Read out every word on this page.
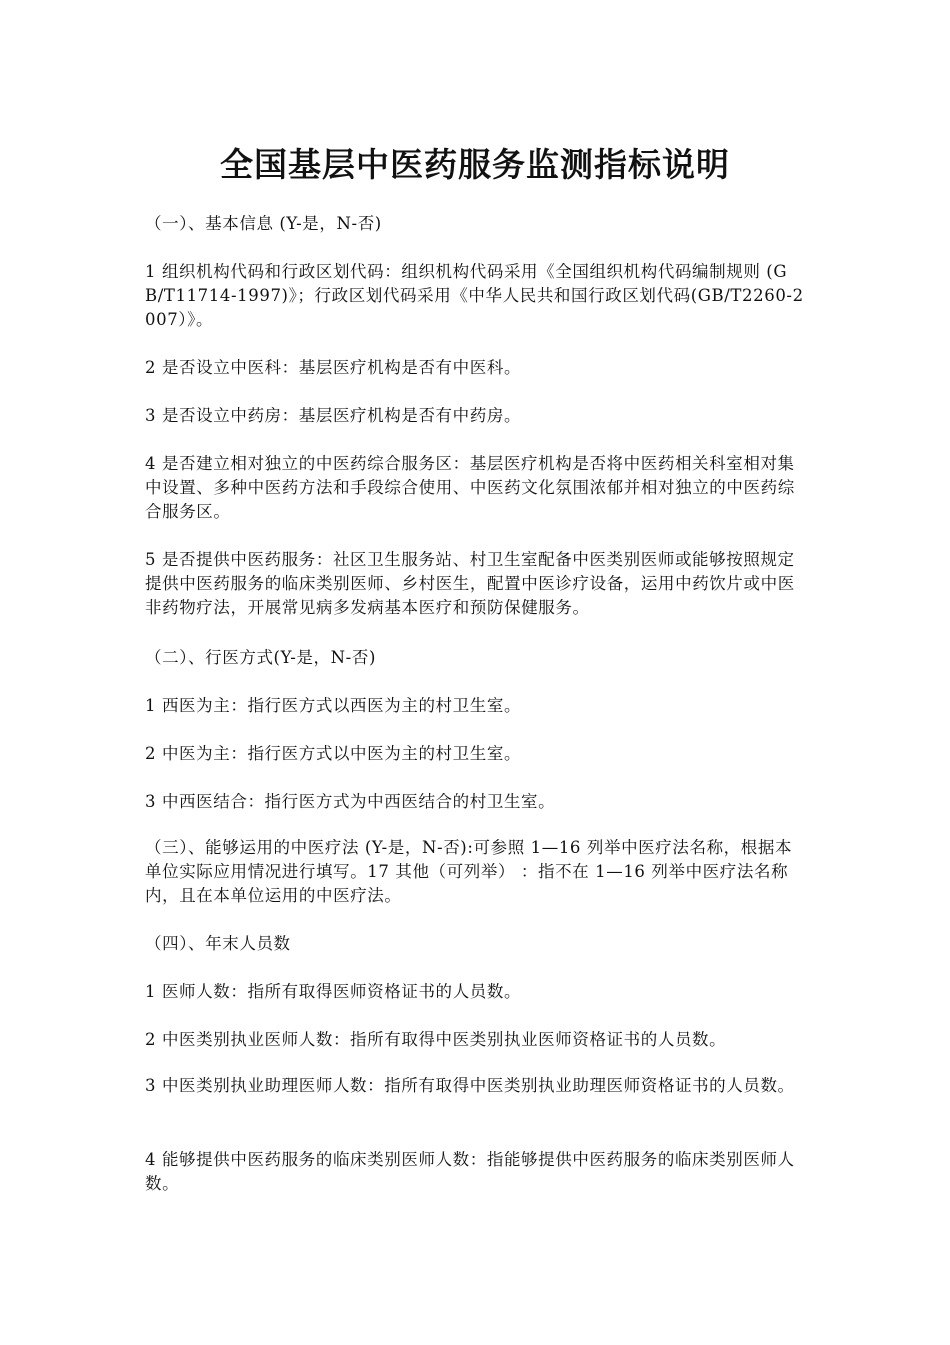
全国基层中医药服务监测指标说明

（一）、基本信息 (Y-是，N-否)

1 组织机构代码和行政区划代码：组织机构代码采用《全国组织机构代码编制规则 (GB/T11714-1997)》；行政区划代码采用《中华人民共和国行政区划代码(GB/T2260-2007）》。

2 是否设立中医科：基层医疗机构是否有中医科。

3 是否设立中药房：基层医疗机构是否有中药房。

4 是否建立相对独立的中医药综合服务区：基层医疗机构是否将中医药相关科室相对集中设置、多种中医药方法和手段综合使用、中医药文化氛围浓郁并相对独立的中医药综合服务区。

5 是否提供中医药服务：社区卫生服务站、村卫生室配备中医类别医师或能够按照规定提供中医药服务的临床类别医师、乡村医生，配置中医诊疗设备，运用中药饮片或中医非药物疗法，开展常见病多发病基本医疗和预防保健服务。

（二）、行医方式(Y-是，N-否)

1 西医为主：指行医方式以西医为主的村卫生室。

2 中医为主：指行医方式以中医为主的村卫生室。

3 中西医结合：指行医方式为中西医结合的村卫生室。

（三）、能够运用的中医疗法 (Y-是，N-否):可参照 1—16 列举中医疗法名称，根据本单位实际应用情况进行填写。17 其他（可列举） ：指不在 1—16 列举中医疗法名称内，且在本单位运用的中医疗法。

（四）、年末人员数

1 医师人数：指所有取得医师资格证书的人员数。

2 中医类别执业医师人数：指所有取得中医类别执业医师资格证书的人员数。

3 中医类别执业助理医师人数：指所有取得中医类别执业助理医师资格证书的人员数。

4 能够提供中医药服务的临床类别医师人数：指能够提供中医药服务的临床类别医师人数。
